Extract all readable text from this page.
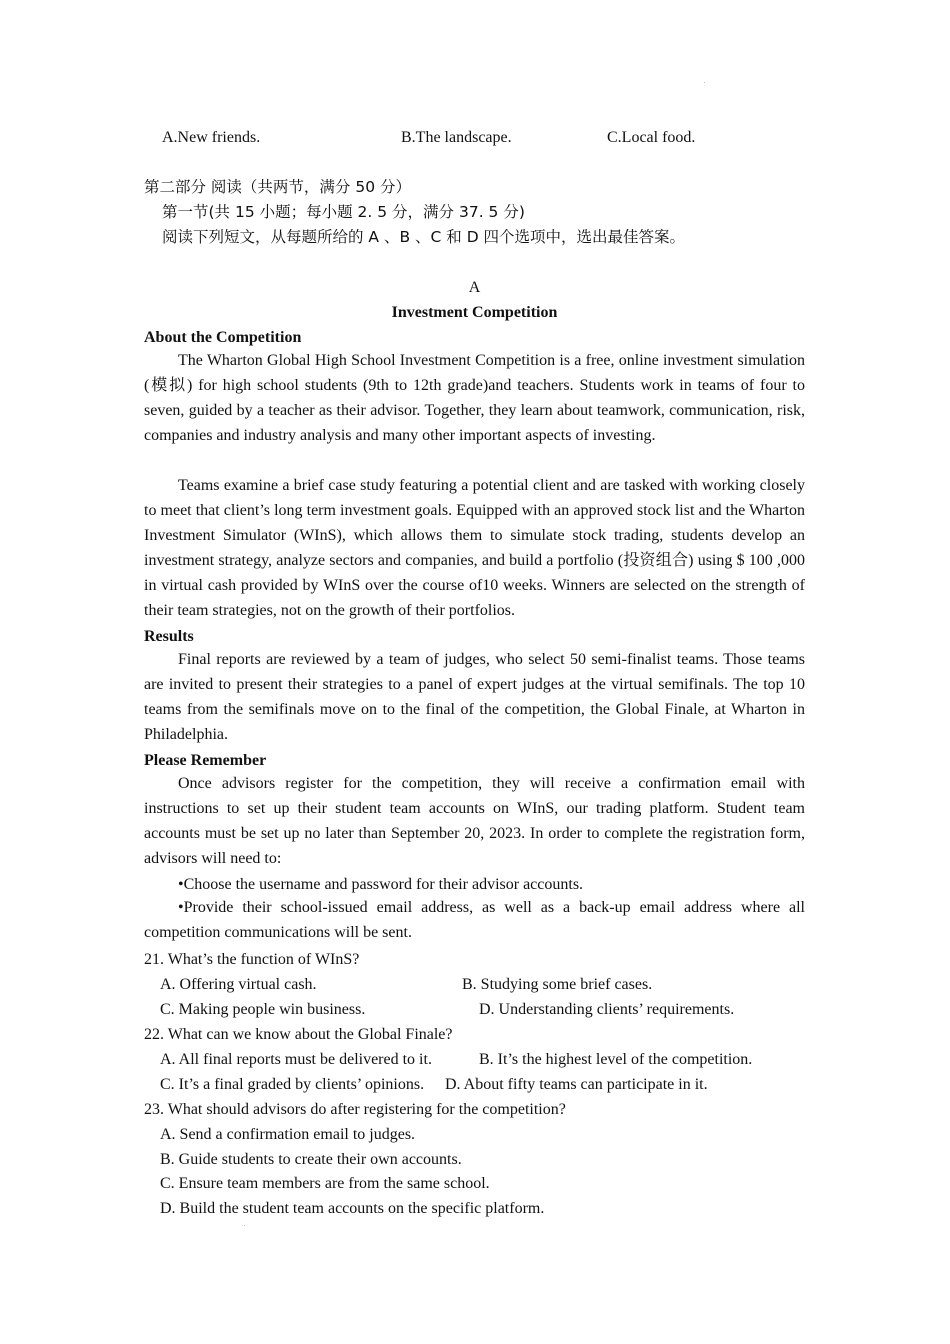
A.New friends.	B.The landscape.	C.Local food.
第二部分 阅读（共两节，满分 50 分）
第一节(共 15 小题；每小题 2. 5 分，满分 37. 5 分)
阅读下列短文，从每题所给的 A 、B 、C 和 D 四个选项中，选出最佳答案。
A
Investment Competition
About the Competition
The Wharton Global High School Investment Competition is a free, online investment simulation (模拟) for high school students (9th to 12th grade)and teachers. Students work in teams of four to seven, guided by a teacher as their advisor. Together, they learn about teamwork, communication, risk, companies and industry analysis and many other important aspects of investing.
Teams examine a brief case study featuring a potential client and are tasked with working closely to meet that client’s long term investment goals. Equipped with an approved stock list and the Wharton Investment Simulator (WInS), which allows them to simulate stock trading, students develop an investment strategy, analyze sectors and companies, and build a portfolio (投资组合) using $ 100 ,000 in virtual cash provided by WInS over the course of10 weeks. Winners are selected on the strength of their team strategies, not on the growth of their portfolios.
Results
Final reports are reviewed by a team of judges, who select 50 semi-finalist teams. Those teams are invited to present their strategies to a panel of expert judges at the virtual semifinals. The top 10 teams from the semifinals move on to the final of the competition, the Global Finale, at Wharton in Philadelphia.
Please Remember
Once advisors register for the competition, they will receive a confirmation email with instructions to set up their student team accounts on WInS, our trading platform. Student team accounts must be set up no later than September 20, 2023. In order to complete the registration form, advisors will need to:
•Choose the username and password for their advisor accounts.
•Provide their school-issued email address, as well as a back-up email address where all competition communications will be sent.
21. What’s the function of WInS?
A. Offering virtual cash.	B. Studying some brief cases.
C. Making people win business.	D. Understanding clients’ requirements.
22. What can we know about the Global Finale?
A. All final reports must be delivered to it.	B. It’s the highest level of the competition.
C. It’s a final graded by clients’ opinions.	D. About fifty teams can participate in it.
23. What should advisors do after registering for the competition?
A. Send a confirmation email to judges.
B. Guide students to create their own accounts.
C. Ensure team members are from the same school.
D. Build the student team accounts on the specific platform.
